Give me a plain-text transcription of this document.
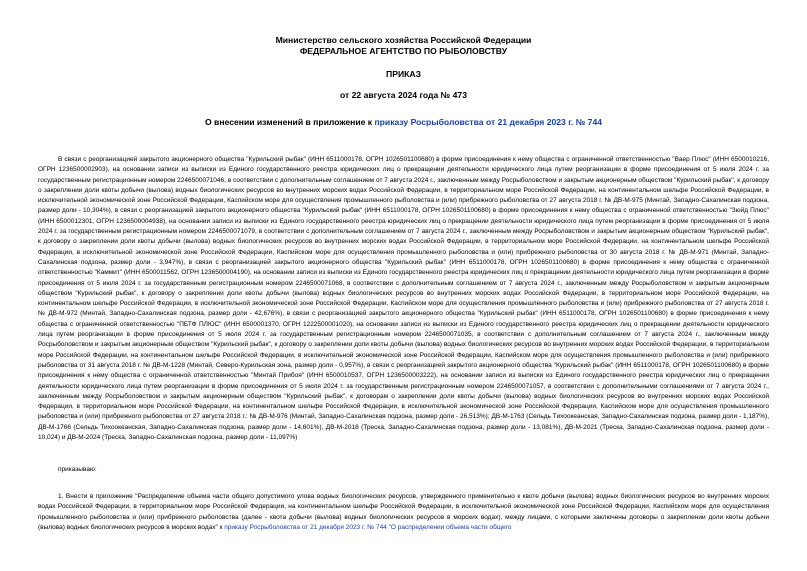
Министерство сельского хозяйства Российской Федерации
ФЕДЕРАЛЬНОЕ АГЕНТСТВО ПО РЫБОЛОВСТВУ
ПРИКАЗ
от 22 августа 2024 года № 473
О внесении изменений в приложение к приказу Росрыболовства от 21 декабря 2023 г. № 744

В связи с реорганизацией закрытого акционерного общества "Курильский рыбак" (ИНН 6511000178, ОГРН 1026501100680) в форме присоединения к нему общества с ограниченной ответственностью "Ваер Плюс" (ИНН 6500010216, ОГРН 1236500002903), на основании записи из выписки из Единого государственного реестра юридических лиц о прекращении деятельности юридического лица путем реорганизации в форме присоединения от 5 июля 2024 г. за государственным регистрационным номером 2246500071046, в соответствии с дополнительным соглашением от 7 августа 2024 г., заключенным между Росрыболовством и закрытым акционерным обществом "Курильский рыбак", к договору о закреплении доли квоты добычи (вылова) водных биологических ресурсов во внутренних морских водах Российской Федерации, в территориальном море Российской Федерации, на континентальном шельфе Российской Федерации, в исключительной экономической зоне Российской Федерации, Каспийском море для осуществления промышленного рыболовства и (или) прибрежного рыболовства от 27 августа 2018 г. № ДВ-М-975 (Минтай, Западно-Сахалинская подзона, размер доли - 10,304%), в связи с реорганизацией закрытого акционерного общества "Курильский рыбак" (ИНН 6511000178, ОГРН 1026501100680) в форме присоединения к нему общества с ограниченной ответственностью "Зюйд Плюс" (ИНН 6500012301, ОГРН 1236500004938), на основании записи из выписки из Единого государственного реестра юридических лиц о прекращении деятельности юридического лица путем реорганизации в форме присоединения от 5 июля 2024 г. за государственным регистрационным номером 2246500071079, в соответствии с дополнительным соглашением от 7 августа 2024 г., заключенным между Росрыболовством и закрытым акционерным обществом "Курильский рыбак", к договору о закреплении доли квоты добычи (вылова) водных биологических ресурсов во внутренних морских водах Российской Федерации, в территориальном море Российской Федерации, на континентальном шельфе Российской Федерации, в исключительной экономической зоне Российской Федерации, Каспийском море для осуществления промышленного рыболовства и (или) прибрежного рыболовства от 30 августа 2018 г. № ДВ-М-971 (Минтай, Западно-Сахалинская подзона, размер доли - 3,947%), в связи с реорганизацией закрытого акционерного общества "Курильский рыбак" (ИНН 6511000178, ОГРН 1026501100680) в форме присоединения к нему общества с ограниченной ответственностью "Каммит" (ИНН 6500011562, ОГРН 1236500004190), на основании записи из выписки из Единого государственного реестра юридических лиц о прекращении деятельности юридического лица путем реорганизации в форме присоединения от 5 июля 2024 г. за государственным регистрационным номером 2246500071068, в соответствии с дополнительным соглашением от 7 августа 2024 г., заключенным между Росрыболовством и закрытым акционерным обществом "Курильский рыбак", к договору о закреплении доли квоты добычи (вылова) водных биологических ресурсов во внутренних морских водах Российской Федерации, в территориальном море Российской Федерации, на континентальном шельфе Российской Федерации, в исключительной экономической зоне Российской Федерации, Каспийском море для осуществления промышленного рыболовства и (или) прибрежного рыболовства от 27 августа 2018 г. № ДВ-М-972 (Минтай, Западно-Сахалинская подзона, размер доли - 42,676%), в связи с реорганизацией закрытого акционерного общества "Курильский рыбак" (ИНН 6511000178, ОГРН 1026501100680) в форме присоединения к нему общества с ограниченной ответственностью "ПБТФ ПЛЮС" (ИНН 6500001370, ОГРН 1222500001020), на основании записи из выписки из Единого государственного реестра юридических лиц о прекращении деятельности юридического лица путем реорганизации в форме присоединения от 5 июля 2024 г. за государственным регистрационным номером 2246500071035, в соответствии с дополнительным соглашением от 7 августа 2024 г., заключенным между Росрыболовством и закрытым акционерным обществом "Курильский рыбак", к договору о закреплении доли квоты добычи (вылова) водных биологических ресурсов во внутренних морских водах Российской Федерации, в территориальном море Российской Федерации, на континентальном шельфе Российской Федерации, в исключительной экономической зоне Российской Федерации, Каспийском море для осуществления промышленного рыболовства и (или) прибрежного рыболовства от 31 августа 2018 г. № ДВ-М-1228 (Минтай, Северо-Курильская зона, размер доли - 0,957%), в связи с реорганизацией закрытого акционерного общества "Курильский рыбак" (ИНН 6511000178, ОГРН 1026501100680) в форме присоединения к нему общества с ограниченной ответственностью "Минтай Прибоя" (ИНН 6500010537, ОГРН 1236500003222), на основании записи из выписки из Единого государственного реестра юридических лиц о прекращении деятельности юридического лица путем реорганизации в форме присоединения от 5 июля 2024 г. за государственным регистрационным номером 2246500071057, в соответствии с дополнительными соглашениями от 7 августа 2024 г., заключенным между Росрыболовством и закрытым акционерным обществом "Курильский рыбак", к договорам о закреплении доли квоты добычи (вылова) водных биологических ресурсов во внутренних морских водах Российской Федерации, в территориальном море Российской Федерации, на континентальном шельфе Российской Федерации, в исключительной экономической зоне Российской Федерации, Каспийском море для осуществления промышленного рыболовства и (или) прибрежного рыболовства от 27 августа 2018 г.: № ДВ-М-976 (Минтай, Западно-Сахалинская подзона, размер доли - 26,513%); ДВ-М-1763 (Сельдь Тихоокеанская, Западно-Сахалинская подзона, размер доли - 1,187%), ДВ-М-1766 (Сельдь Тихоокеанская, Западно-Сахалинская подзона, размер доли - 14,601%), ДВ-М-2018 (Треска, Западно-Сахалинская подзона, размер доли - 13,081%), ДВ-М-2021 (Треска, Западно-Сахалинская подзона, размер доли - 10,024) и ДВ-М-2024 (Треска, Западно-Сахалинская подзона, размер доли - 11,097%)

приказываю:

1. Внести в приложение "Распределение объема части общего допустимого улова водных биологических ресурсов, утвержденного применительно к квоте добычи (вылова) водных биологических ресурсов во внутренних морских водах Российской Федерации, в территориальном море Российской Федерации, на континентальном шельфе Российской Федерации, в исключительной экономической зоне Российской Федерации, Каспийском море для осуществления промышленного рыболовства и (или) прибрежного рыболовства (далее - квота добычи (вылова) водных биологических ресурсов в морских водах), между лицами, с которыми заключены договоры о закреплении доли квоты добычи (вылова) водных биологических ресурсов в морских водах" к приказу Росрыболовства от 21 декабря 2023 г. № 744 "О распределении объема части общего
